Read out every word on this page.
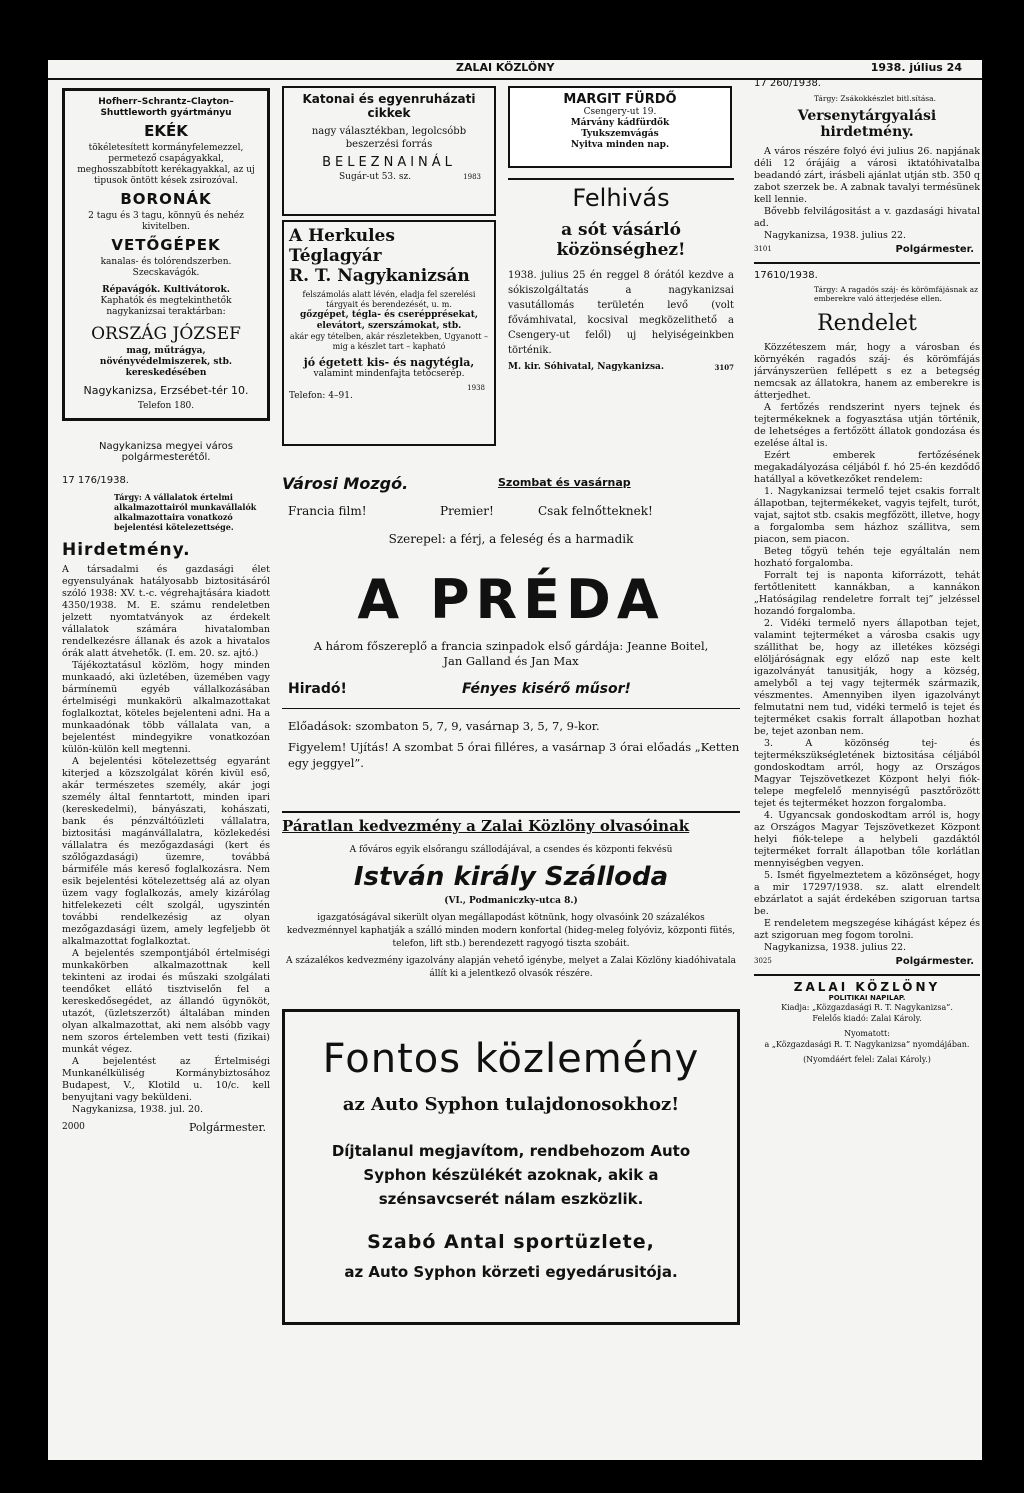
ZALAI KÖZLÖNY	1938. július 24

Hofherr–Schrantz–Clayton–Shuttleworth gyártmányu

EKÉK

tökéletesített kormányfelemezzel, permetező csapágyakkal, meghosszabbított kerékagyakkal, az uj tipusok öntött kések zsirozóval.

BORONÁK

2 tagu és 3 tagu, könnyü és nehéz kivitelben.

VETŐGÉPEK

kanalas- és tolórendszerben. Szecskavágók.

Répavágók. Kultivátorok.

Kaphatók és megtekinthetők nagykanizsai teraktárban:

ORSZÁG JÓZSEF

mag, műtrágya, növényvédelmiszerek, stb. kereskedésében

Nagykanizsa, Erzsébet-tér 10.

Telefon 180.

Nagykanizsa megyei város polgármesterétől.

17 176/1938.

Tárgy: A vállalatok értelmi alkalmazottairól munkavállalók alkalmazottaira vonatkozó bejelentési kötelezettsége.

Hirdetmény.

A társadalmi és gazdasági élet egyensulyának hatályosabb biztositásáról szóló 1938: XV. t.-c. végrehajtására kiadott 4350/1938. M. E. számu rendeletben jelzett nyomtatványok az érdekelt vállalatok számára hivatalomban rendelkezésre állanak és azok a hivatalos órák alatt átvehetők. (I. em. 20. sz. ajtó.)

Tájékoztatásul közlöm, hogy minden munkaadó, aki üzletében, üzemében vagy bármínemü egyéb vállalkozásában értelmiségi munkakörü alkalmazottakat foglalkoztat, köteles bejelenteni adni. Ha a munkaadónak több vállalata van, a bejelentést mindegyikre vonatkozóan külön-külön kell megtenni.

A bejelentési kötelezettség egyaránt kiterjed a közszolgálat körén kivül eső, akár természetes személy, akár jogi személy által fenntartott, minden ipari (kereskedelmi), bányászati, kohászati, bank és pénzváltóüzleti vállalatra, biztositási magánvállalatra, közlekedési vállalatra és mezőgazdasági (kert és szőlőgazdasági) üzemre, továbbá bármiféle más kereső foglalkozásra. Nem esik bejelentési kötelezettség alá az olyan üzem vagy foglalkozás, amely kizárólag hitfelekezeti célt szolgál, ugyszintén további rendelkezésig az olyan mezőgazdasági üzem, amely legfeljebb öt alkalmazottat foglalkoztat.

A bejelentés szempontjából értelmiségi munkakörben alkalmazottnak kell tekinteni az irodai és műszaki szolgálati teendőket ellátó tisztviselőn fel a kereskedősegédet, az állandó ügynököt, utazót, (üzletszerzőt) általában minden olyan alkalmazottat, aki nem alsóbb vagy nem szoros értelemben vett testi (fizikai) munkát végez.

A bejelentést az Értelmiségi Munkanélküliség Kormánybiztosához Budapest, V., Klotild u. 10/c. kell benyujtani vagy beküldeni.

Nagykanizsa, 1938. jul. 20.

2000	Polgármester.

Katonai és egyenruházati cikkek

nagy választékban, legolcsóbb beszerzési forrás

BELEZNAINÁL

Sugár-ut 53. sz.	1983

A Herkules Téglagyár

R. T. Nagykanizsán

felszámolás alatt lévén, eladja fel szerelési tárgyait és berendezését, u. m.

gőzgépet, tégla- és cserépprésekat, elevátort, szerszámokat, stb.

akár egy tételben, akár részletekben, Ugyanott – mig a készlet tart – kapható

jó égetett kis- és nagytégla,

valamint mindenfajta tetőcserép.

Telefon: 4–91.
1938

MARGIT FÜRDŐ

Csengery-ut 19.

Márvány kádfürdők

Tyukszemvágás

Nyitva minden nap.

Felhivás

a sót vásárló közönséghez!

1938. julius 25 én reggel 8 órától kezdve a sókiszolgáltatás a nagykanizsai vasutállomás területén levő (volt fővámhivatal, kocsival megközelithető a Csengery-ut felől) uj helyiségeinkben történik.

M. kir. Sóhivatal, Nagykanizsa.	3107

Városi Mozgó.	Szombat és vasárnap
Francia film!	Premier!	Csak felnőtteknek!

Szerepel: a férj, a feleség és a harmadik

A PRÉDA

A három főszereplő a francia szinpadok első gárdája: Jeanne Boitel, Jan Galland és Jan Max

Hiradó!	Fényes kisérő műsor!

Előadások: szombaton 5, 7, 9, vasárnap 3, 5, 7, 9-kor.

Figyelem! Ujítás! A szombat 5 órai filléres, a vasárnap 3 órai előadás „Ketten egy jeggyel”.

Páratlan kedvezmény a Zalai Közlöny olvasóinak

A főváros egyik elsőrangu szállodájával, a csendes és központi fekvésü

István király Szálloda

(VI., Podmaniczky-utca 8.)

igazgatóságával sikerült olyan megállapodást kötnünk, hogy olvasóink 20 százalékos kedvezménnyel kaphatják a szálló minden modern konfortal (hideg-meleg folyóviz, központi fütés, telefon, lift stb.) berendezett ragyogó tiszta szobáit.

A százalékos kedvezmény igazolvány alapján vehető igénybe, melyet a Zalai Közlöny kiadóhivatala állít ki a jelentkező olvasók részére.

Fontos közlemény

az Auto Syphon tulajdonosokhoz!

Díjtalanul megjavítom, rendbehozom Auto Syphon készülékét azoknak, akik a szénsavcserét nálam eszközlik.

Szabó Antal sportüzlete,

az Auto Syphon körzeti egyedárusitója.

17 260/1938.

Tárgy: Zsákokkészlet bitl.sítása.

Versenytárgyalási hirdetmény.

A város részére folyó évi julius 26. napjának déli 12 órájáig a városi iktatóhivatalba beadandó zárt, irásbeli ajánlat utján stb. 350 q zabot szerzek be. A zabnak tavalyi termésünek kell lennie.

Bővebb felvilágositást a v. gazdasági hivatal ad.

Nagykanizsa, 1938. julius 22.

3101	Polgármester.

17610/1938.

Tárgy: A ragadós száj- és körömfájásnak az emberekre való átterjedése ellen.

Rendelet

Közzéteszem már, hogy a városban és környékén ragadós száj- és körömfájás járványszerüen fellépett s ez a betegség nemcsak az állatokra, hanem az emberekre is átterjedhet.

A fertőzés rendszerint nyers tejnek és tejtermékeknek a fogyasztása utján történik, de lehetséges a fertőzött állatok gondozása és ezelése által is.

Ezért emberek fertőzésének megakadályozása céljából f. hó 25-én kezdődő hatállyal a következőket rendelem:

1. Nagykanizsai termelő tejet csakis forralt állapotban, tejtermékeket, vagyis tejfelt, turót, vajat, sajtot stb. csakis megfőzött, illetve, hogy a forgalomba sem házhoz szállitva, sem piacon, sem piacon.

Beteg tőgyü tehén teje egyáltalán nem hozható forgalomba.

Forralt tej is naponta kiforrázott, tehát fertőtlenitett kannákban, a kannákon „Hatóságilag rendeletre forralt tej” jelzéssel hozandó forgalomba.

2. Vidéki termelő nyers állapotban tejet, valamint tejterméket a városba csakis ugy szállithat be, hogy az illetékes községi elöljáróságnak egy előző nap este kelt igazolványát tanusitják, hogy a község, amelyből a tej vagy tejtermék származik, vészmentes. Amennyiben ilyen igazolványt felmutatni nem tud, vidéki termelő is tejet és tejterméket csakis forralt állapotban hozhat be, tejet azonban nem.

3. A közönség tej- és tejtermékszükségletének biztositása céljából gondoskodtam arról, hogy az Országos Magyar Tejszövetkezet Központ helyi fiók-telepe megfelelő mennyiségű pasztőrözött tejet és tejterméket hozzon forgalomba.

4. Ugyancsak gondoskodtam arról is, hogy az Országos Magyar Tejszövetkezet Központ helyi fiók-telepe a helybeli gazdáktól tejterméket forralt állapotban tőle korlátlan mennyiségben vegyen.

5. Ismét figyelmeztetem a közönséget, hogy a mir 17297/1938. sz. alatt elrendelt ebzárlatot a saját érdekében szigoruan tartsa be.

E rendeletem megszegése kihágást képez és azt szigoruan meg fogom torolni.

Nagykanizsa, 1938. julius 22.

3025	Polgármester.

ZALAI KÖZLÖNY

POLITIKAI NAPILAP.

Kiadja: „Közgazdasági R. T. Nagykanizsa”.

Felelős kiadó: Zalai Károly.

Nyomatott:

a „Közgazdasági R. T. Nagykanizsa” nyomdájában.

(Nyomdáért felel: Zalai Károly.)
